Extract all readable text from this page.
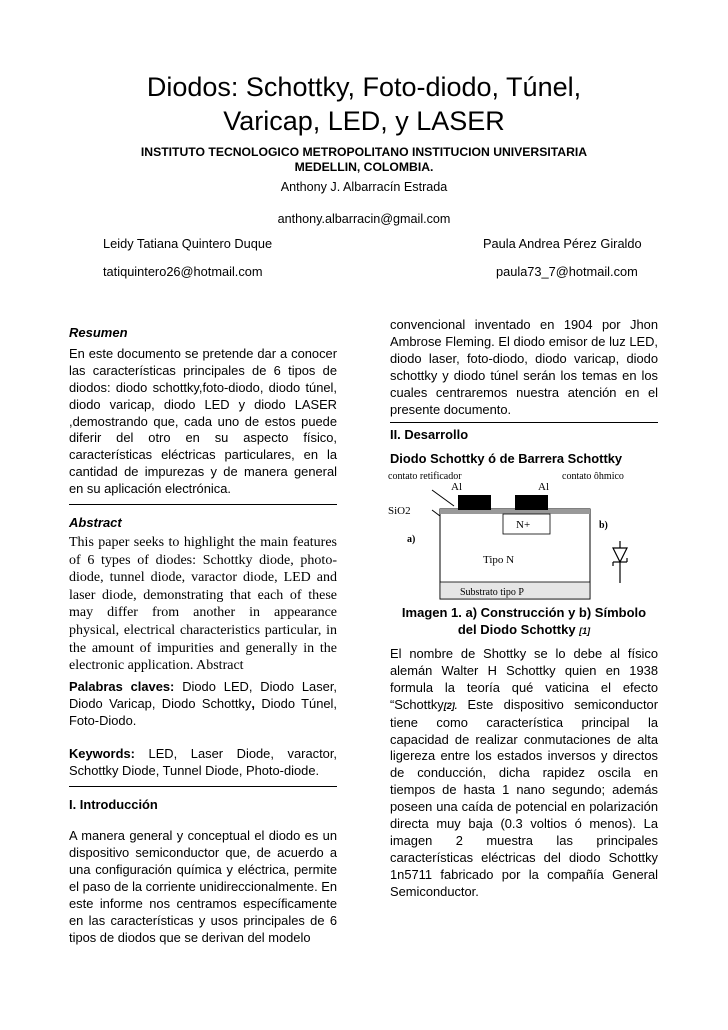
Diodos: Schottky, Foto-diodo, Túnel,
Varicap, LED, y LASER
INSTITUTO TECNOLOGICO METROPOLITANO INSTITUCION UNIVERSITARIA
MEDELLIN, COLOMBIA.
Anthony J. Albarracín Estrada
anthony.albarracin@gmail.com
Leidy Tatiana Quintero Duque	Paula Andrea Pérez Giraldo
tatiquintero26@hotmail.com	paula73_7@hotmail.com
Resumen

En este documento se pretende dar a conocer las características principales de 6 tipos de diodos: diodo schottky,foto-diodo, diodo túnel, diodo varicap, diodo LED y diodo LASER ,demostrando que, cada uno de estos puede diferir del otro en su aspecto físico, características eléctricas particulares, en la cantidad de impurezas y de manera general en su aplicación electrónica.

Abstract

This paper seeks to highlight the main features of 6 types of diodes: Schottky diode, photo-diode, tunnel diode, varactor diode, LED and laser diode, demonstrating that each of these may differ from another in appearance physical, electrical characteristics particular, in the amount of impurities and generally in the electronic application. Abstract

Palabras claves: Diodo LED, Diodo Laser, Diodo Varicap, Diodo Schottky, Diodo Túnel, Foto-Diodo.

Keywords: LED, Laser Diode, varactor, Schottky Diode, Tunnel Diode, Photo-diode.

I. Introducción

A manera general y conceptual el diodo es un dispositivo semiconductor que, de acuerdo a una configuración química y eléctrica, permite el paso de la corriente unidireccionalmente. En este informe nos centramos específicamente en las características y usos principales de 6 tipos de diodos que se derivan del modelo

convencional inventado en 1904 por Jhon Ambrose Fleming. El diodo emisor de luz LED, diodo laser, foto-diodo, diodo varicap, diodo schottky y diodo túnel serán los temas en los cuales centraremos nuestra atención en el presente documento.

II. Desarrollo
Diodo Schottky ó de Barrera Schottky
contato retificador
Al	Al
contato ôhmico
SiO2
a)
b)
N+
Tipo N
Substrato tipo P
Imagen 1. a) Construcción y b) Símbolo
del Diodo Schottky [1]

El nombre de Shottky se lo debe al físico alemán Walter H Schottky quien en 1938 formula la teoría qué vaticina el efecto “Schottky[2]. Este dispositivo semiconductor tiene como característica principal la capacidad de realizar conmutaciones de alta ligereza entre los estados inversos y directos de conducción, dicha rapidez oscila en tiempos de hasta 1 nano segundo; además poseen una caída de potencial en polarización directa muy baja (0.3 voltios ó menos). La imagen 2 muestra las principales características eléctricas del diodo Schottky 1n5711 fabricado por la compañía General Semiconductor.
